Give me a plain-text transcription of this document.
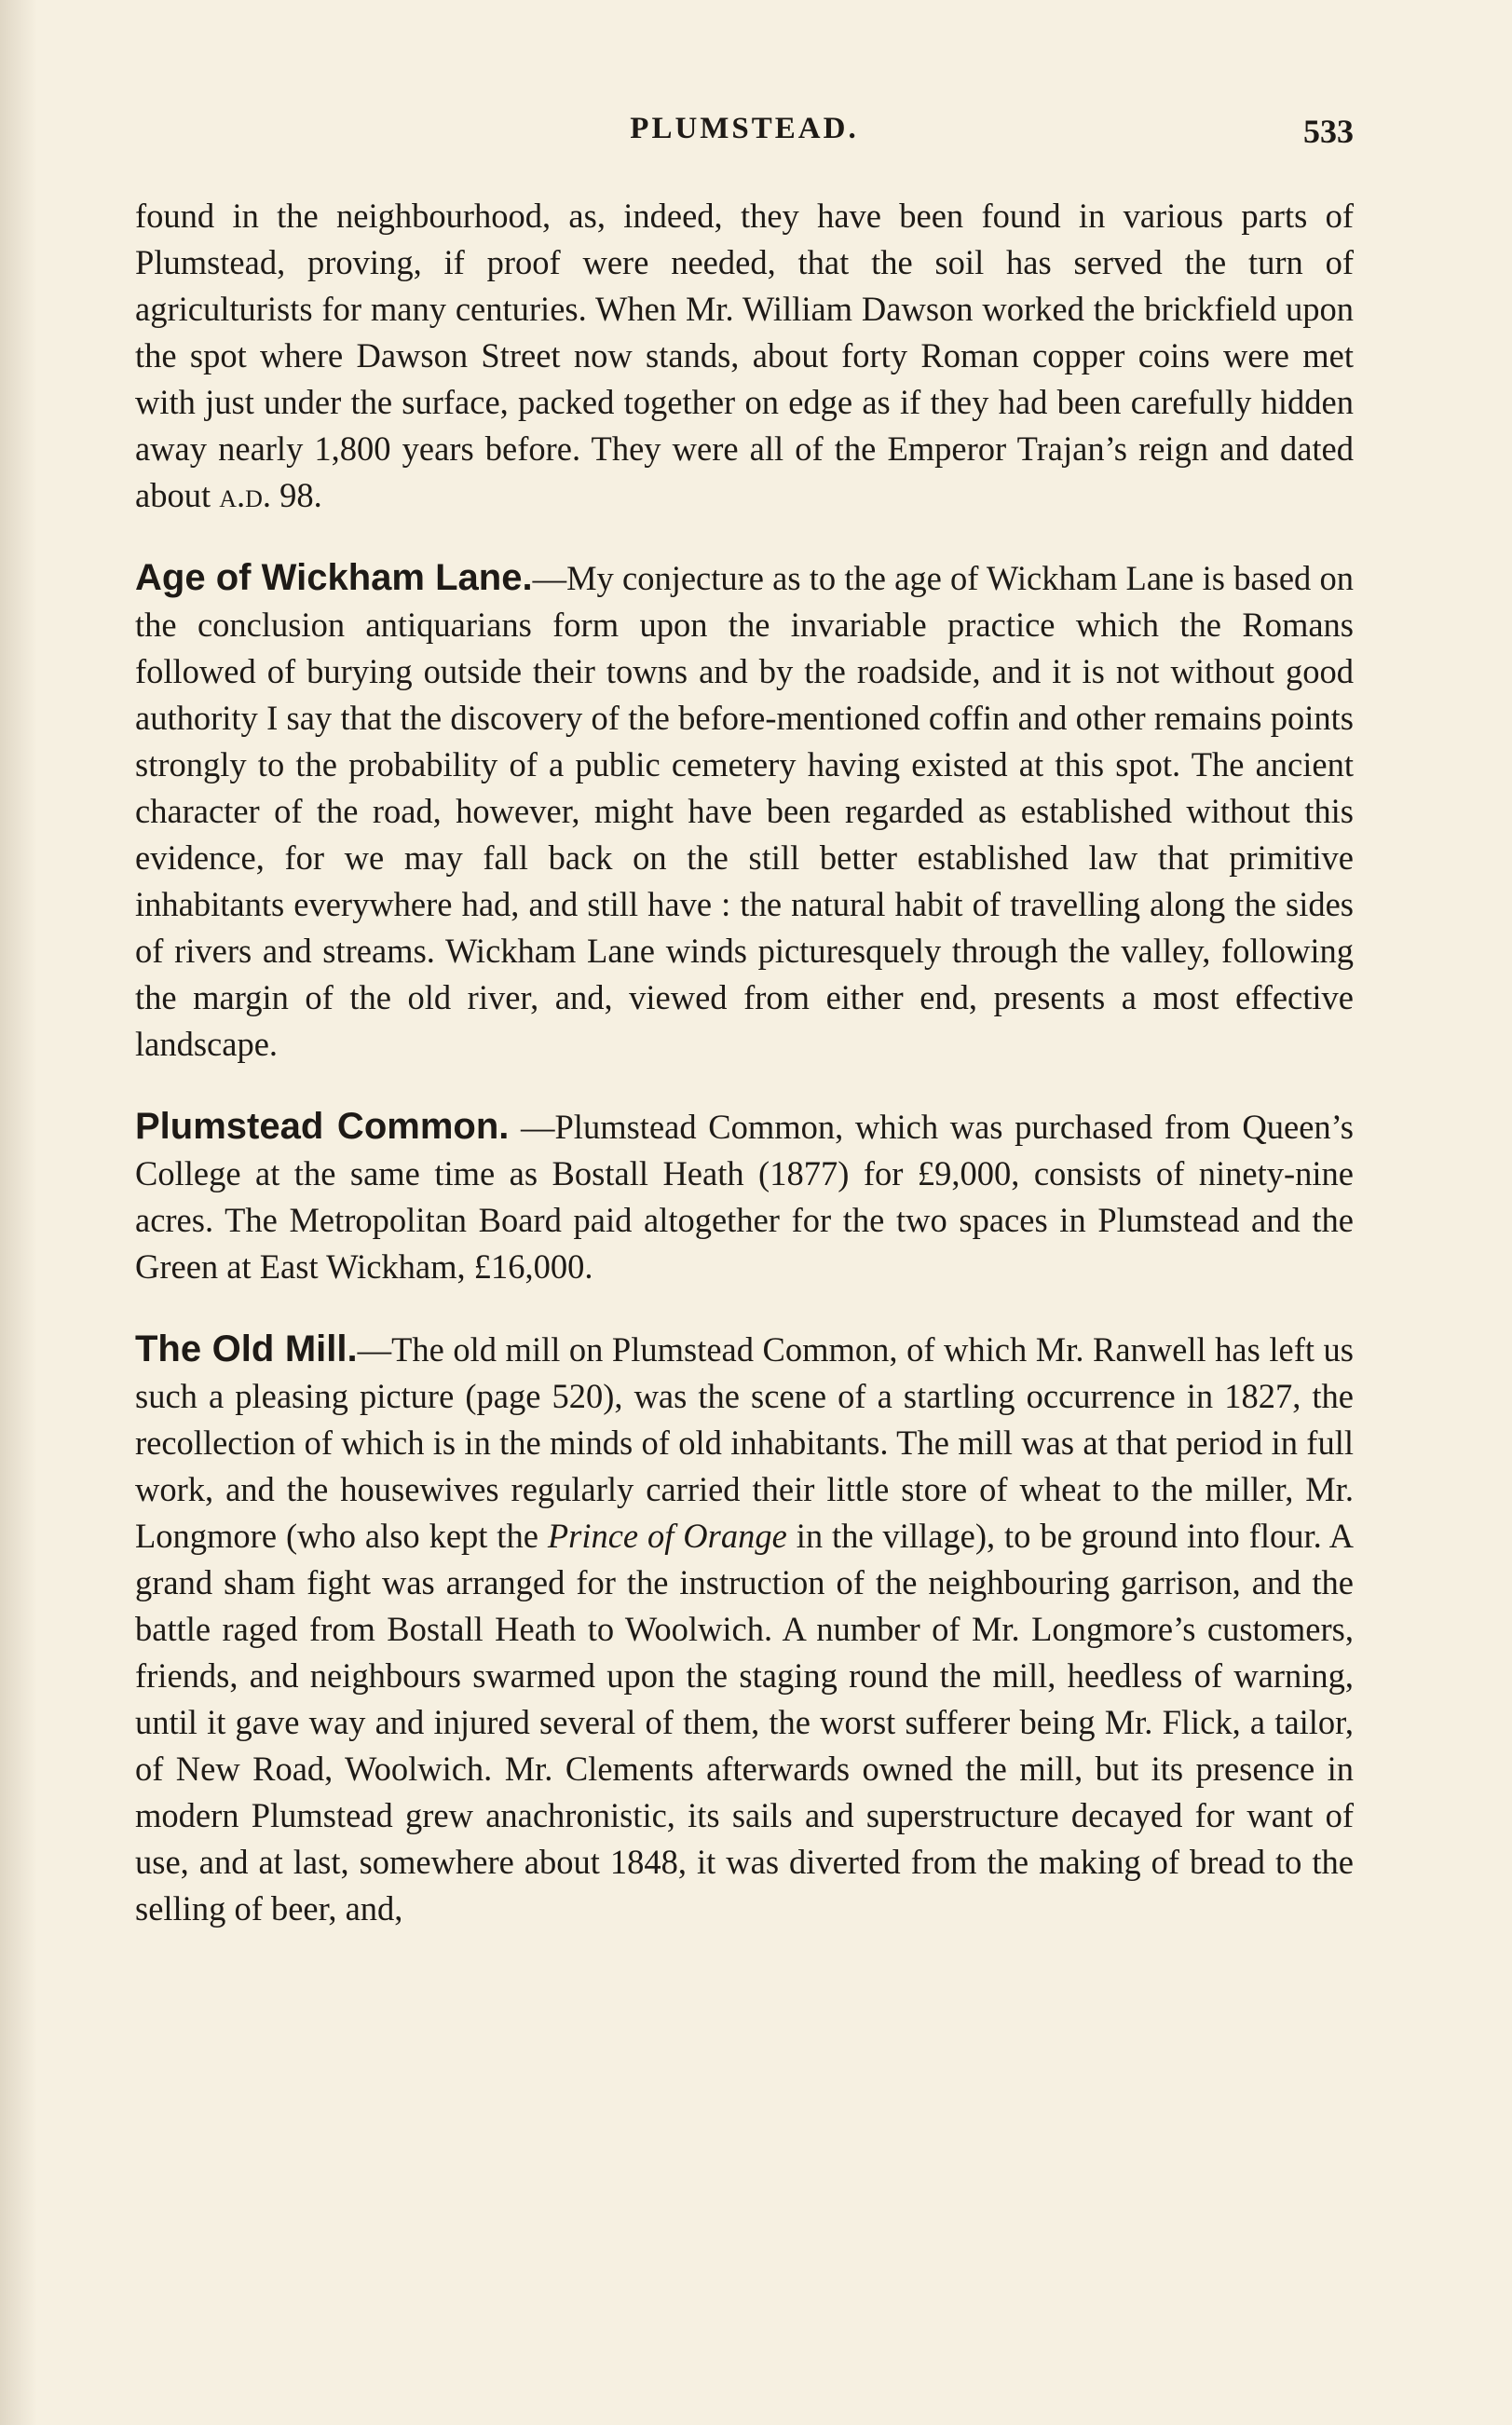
PLUMSTEAD.	533

found in the neighbourhood, as, indeed, they have been found in various parts of Plumstead, proving, if proof were needed, that the soil has served the turn of agriculturists for many centuries. When Mr. William Dawson worked the brickfield upon the spot where Dawson Street now stands, about forty Roman copper coins were met with just under the surface, packed together on edge as if they had been carefully hidden away nearly 1,800 years before. They were all of the Emperor Trajan’s reign and dated about a.d. 98.

Age of Wickham Lane.—My conjecture as to the age of Wickham Lane is based on the conclusion antiquarians form upon the invariable practice which the Romans followed of burying outside their towns and by the roadside, and it is not without good authority I say that the discovery of the before-mentioned coffin and other remains points strongly to the probability of a public cemetery having existed at this spot. The ancient character of the road, however, might have been regarded as established without this evidence, for we may fall back on the still better established law that primitive inhabitants everywhere had, and still have : the natural habit of travelling along the sides of rivers and streams. Wickham Lane winds picturesquely through the valley, following the margin of the old river, and, viewed from either end, presents a most effective landscape.

Plumstead Common. —Plumstead Common, which was purchased from Queen’s College at the same time as Bostall Heath (1877) for £9,000, consists of ninety-nine acres. The Metropolitan Board paid altogether for the two spaces in Plumstead and the Green at East Wickham, £16,000.

The Old Mill.—The old mill on Plumstead Common, of which Mr. Ranwell has left us such a pleasing picture (page 520), was the scene of a startling occurrence in 1827, the recollection of which is in the minds of old inhabitants. The mill was at that period in full work, and the housewives regularly carried their little store of wheat to the miller, Mr. Longmore (who also kept the Prince of Orange in the village), to be ground into flour. A grand sham fight was arranged for the instruction of the neighbouring garrison, and the battle raged from Bostall Heath to Woolwich. A number of Mr. Longmore’s customers, friends, and neighbours swarmed upon the staging round the mill, heedless of warning, until it gave way and injured several of them, the worst sufferer being Mr. Flick, a tailor, of New Road, Woolwich. Mr. Clements afterwards owned the mill, but its presence in modern Plumstead grew anachronistic, its sails and superstructure decayed for want of use, and at last, somewhere about 1848, it was diverted from the making of bread to the selling of beer, and,
